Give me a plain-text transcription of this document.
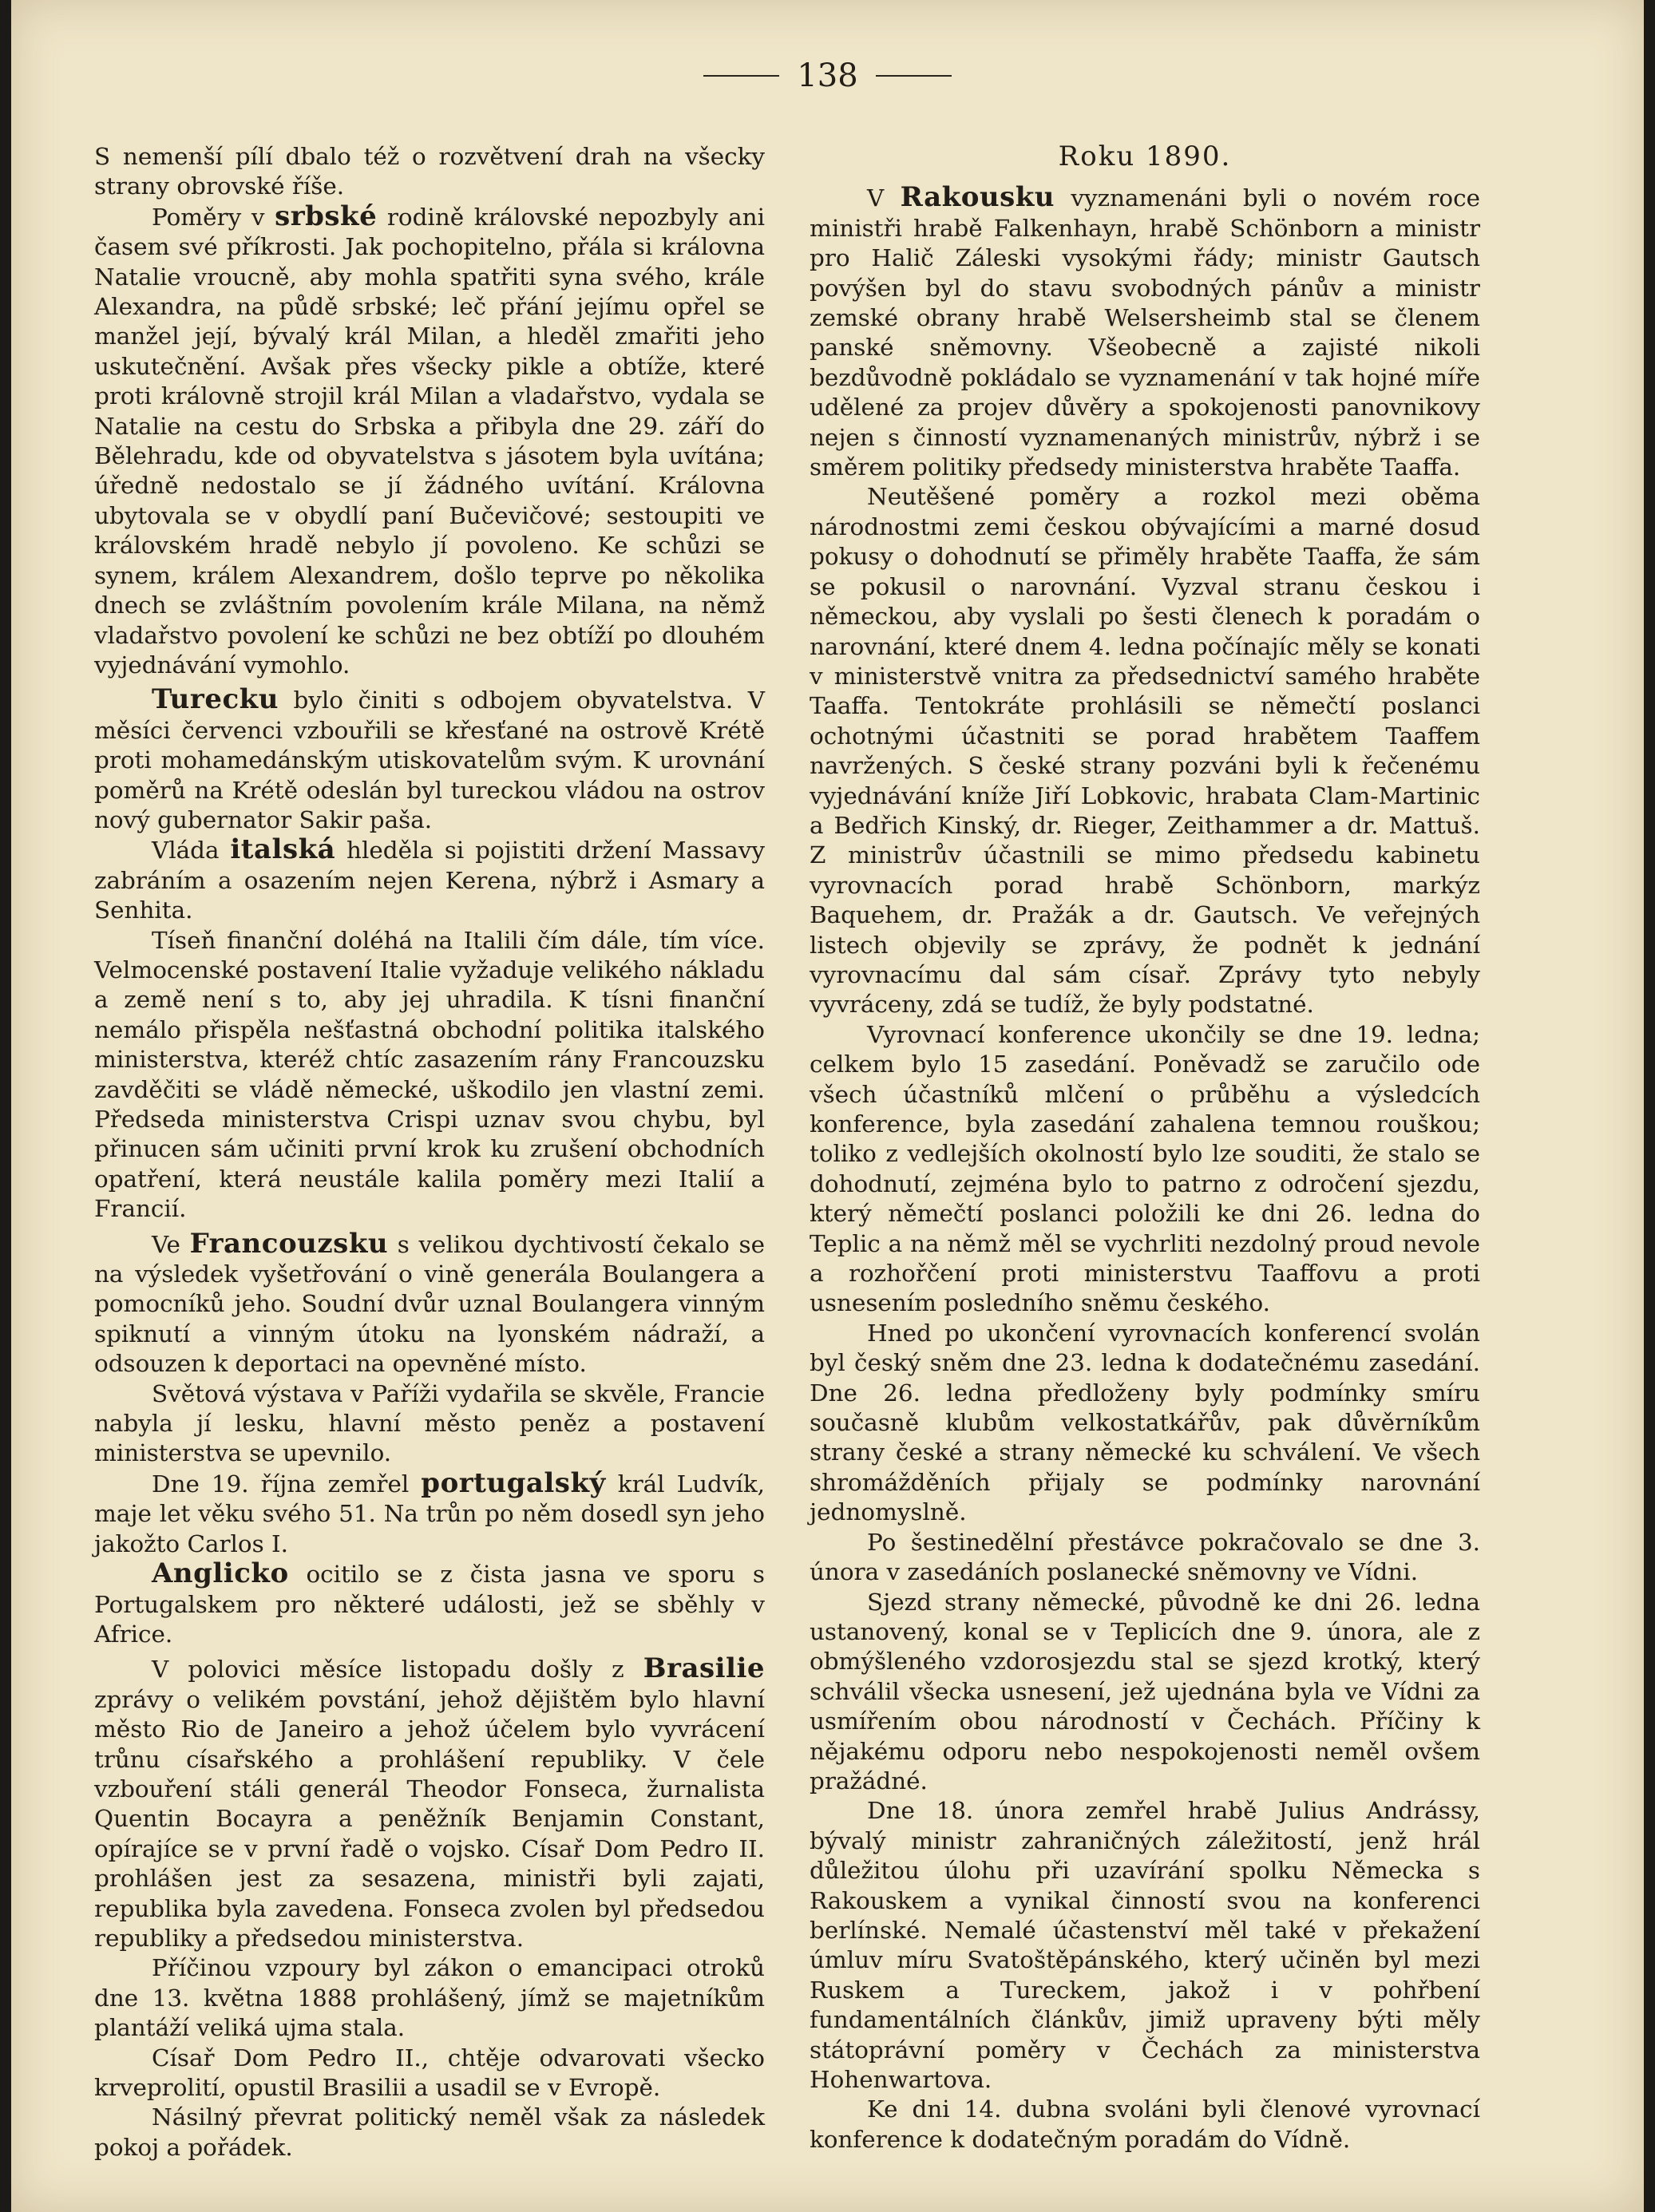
138

S nemenší pílí dbalo též o rozvětvení drah na všecky strany obrovské říše.

Poměry v srbské rodině královské nepozbyly ani časem své příkrosti. Jak pochopitelno, přála si královna Natalie vroucně, aby mohla spatřiti syna svého, krále Alexandra, na půdě srbské; leč přání jejímu opřel se manžel její, bývalý král Milan, a hleděl zmařiti jeho uskutečnění. Avšak přes všecky pikle a obtíže, které proti královně strojil král Milan a vladařstvo, vydala se Natalie na cestu do Srbska a přibyla dne 29. září do Bělehradu, kde od obyvatelstva s jásotem byla uvítána; úředně nedostalo se jí žádného uvítání. Královna ubytovala se v obydlí paní Bučevičové; sestoupiti ve královském hradě nebylo jí povoleno. Ke schůzi se synem, králem Alexandrem, došlo teprve po několika dnech se zvláštním povolením krále Milana, na němž vladařstvo povolení ke schůzi ne bez obtíží po dlouhém vyjednávání vymohlo.

Turecku bylo činiti s odbojem obyvatelstva. V měsíci červenci vzbouřili se křesťané na ostrově Krétě proti mohamedánským utiskovatelům svým. K urovnání poměrů na Krétě odeslán byl tureckou vládou na ostrov nový gubernator Sakir paša.

Vláda italská hleděla si pojistiti držení Massavy zabráním a osazením nejen Kerena, nýbrž i Asmary a Senhita.

Tíseň finanční doléhá na Italili čím dále, tím více. Velmocenské postavení Italie vyžaduje velikého nákladu a země není s to, aby jej uhradila. K tísni finanční nemálo přispěla nešťastná obchodní politika italského ministerstva, kteréž chtíc zasazením rány Francouzsku zavděčiti se vládě německé, uškodilo jen vlastní zemi. Předseda ministerstva Crispi uznav svou chybu, byl přinucen sám učiniti první krok ku zrušení obchodních opatření, která neustále kalila poměry mezi Italií a Francií.

Ve Francouzsku s velikou dychtivostí čekalo se na výsledek vyšetřování o vině generála Boulangera a pomocníků jeho. Soudní dvůr uznal Boulangera vinným spiknutí a vinným útoku na lyonském nádraží, a odsouzen k deportaci na opevněné místo.

Světová výstava v Paříži vydařila se skvěle, Francie nabyla jí lesku, hlavní město peněz a postavení ministerstva se upevnilo.

Dne 19. října zemřel portugalský král Ludvík, maje let věku svého 51. Na trůn po něm dosedl syn jeho jakožto Carlos I.

Anglicko ocitilo se z čista jasna ve sporu s Portugalskem pro některé události, jež se sběhly v Africe.

V polovici měsíce listopadu došly z Brasilie zprávy o velikém povstání, jehož dějištěm bylo hlavní město Rio de Janeiro a jehož účelem bylo vyvrácení trůnu císařského a prohlášení republiky. V čele vzbouření stáli generál Theodor Fonseca, žurnalista Quentin Bocayra a peněžník Benjamin Constant, opírajíce se v první řadě o vojsko. Císař Dom Pedro II. prohlášen jest za sesazena, ministři byli zajati, republika byla zavedena. Fonseca zvolen byl předsedou republiky a předsedou ministerstva.

Příčinou vzpoury byl zákon o emancipaci otroků dne 13. května 1888 prohlášený, jímž se majetníkům plantáží veliká ujma stala.

Císař Dom Pedro II., chtěje odvarovati všecko krveprolití, opustil Brasilii a usadil se v Evropě.

Násilný převrat politický neměl však za následek pokoj a pořádek.

Roku 1890.

V Rakousku vyznamenáni byli o novém roce ministři hrabě Falkenhayn, hrabě Schönborn a ministr pro Halič Záleski vysokými řády; ministr Gautsch povýšen byl do stavu svobodných pánův a ministr zemské obrany hrabě Welsersheimb stal se členem panské sněmovny. Všeobecně a zajisté nikoli bezdůvodně pokládalo se vyznamenání v tak hojné míře udělené za projev důvěry a spokojenosti panovnikovy nejen s činností vyznamenaných ministrův, nýbrž i se směrem politiky předsedy ministerstva hraběte Taaffa.

Neutěšené poměry a rozkol mezi oběma národnostmi zemi českou obývajícími a marné dosud pokusy o dohodnutí se přiměly hraběte Taaffa, že sám se pokusil o narovnání. Vyzval stranu českou i německou, aby vyslali po šesti členech k poradám o narovnání, které dnem 4. ledna počínajíc měly se konati v ministerstvě vnitra za předsednictví samého hraběte Taaffa. Tentokráte prohlásili se němečtí poslanci ochotnými účastniti se porad hrabětem Taaffem navržených. S české strany pozváni byli k řečenému vyjednávání kníže Jiří Lobkovic, hrabata Clam-Martinic a Bedřich Kinský, dr. Rieger, Zeithammer a dr. Mattuš. Z ministrův účastnili se mimo předsedu kabinetu vyrovnacích porad hrabě Schönborn, markýz Baquehem, dr. Pražák a dr. Gautsch. Ve veřejných listech objevily se zprávy, že podnět k jednání vyrovnacímu dal sám císař. Zprávy tyto nebyly vyvráceny, zdá se tudíž, že byly podstatné.

Vyrovnací konference ukončily se dne 19. ledna; celkem bylo 15 zasedání. Poněvadž se zaručilo ode všech účastníků mlčení o průběhu a výsledcích konference, byla zasedání zahalena temnou rouškou; toliko z vedlejších okolností bylo lze souditi, že stalo se dohodnutí, zejména bylo to patrno z odročení sjezdu, který němečtí poslanci položili ke dni 26. ledna do Teplic a na němž měl se vychrliti nezdolný proud nevole a rozhořčení proti ministerstvu Taaffovu a proti usnesením posledního sněmu českého.

Hned po ukončení vyrovnacích konferencí svolán byl český sněm dne 23. ledna k dodatečnému zasedání. Dne 26. ledna předloženy byly podmínky smíru současně klubům velkostatkářův, pak důvěrníkům strany české a strany německé ku schválení. Ve všech shromážděních přijaly se podmínky narovnání jednomyslně.

Po šestinedělní přestávce pokračovalo se dne 3. února v zasedáních poslanecké sněmovny ve Vídni.

Sjezd strany německé, původně ke dni 26. ledna ustanovený, konal se v Teplicích dne 9. února, ale z obmýšleného vzdorosjezdu stal se sjezd krotký, který schválil všecka usnesení, jež ujednána byla ve Vídni za usmířením obou národností v Čechách. Příčiny k nějakému odporu nebo nespokojenosti neměl ovšem pražádné.

Dne 18. února zemřel hrabě Julius Andrássy, bývalý ministr zahraničných záležitostí, jenž hrál důležitou úlohu při uzavírání spolku Německa s Rakouskem a vynikal činností svou na konferenci berlínské. Nemalé účastenství měl také v překažení úmluv míru Svatoštěpánského, který učiněn byl mezi Ruskem a Tureckem, jakož i v pohřbení fundamentálních článkův, jimiž upraveny býti měly státoprávní poměry v Čechách za ministerstva Hohenwartova.

Ke dni 14. dubna svoláni byli členové vyrovnací konference k dodatečným poradám do Vídně.
